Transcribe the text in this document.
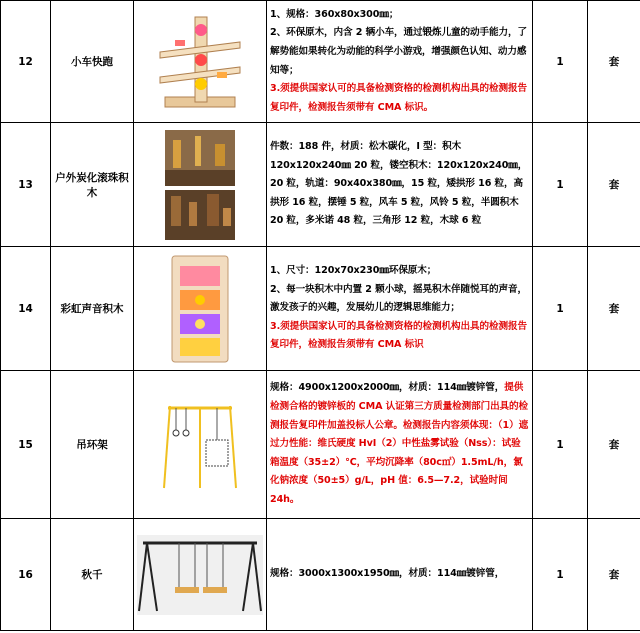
12	小车快跑		1、规格：360x80x300㎜；
2、环保原木，内含 2 辆小车，通过锻炼儿童的动手能力，了解势能如果转化为动能的科学小游戏，增强颜色认知、动力感知等；
3.须提供国家认可的具备检测资格的检测机构出具的检测报告复印件，检测报告须带有 CMA 标识。	1	套
13	户外炭化滚珠积木		件数：188 件，材质：松木碳化，I 型：积木 120x120x240㎜ 20 粒，镂空积木：120x120x240㎜，20 粒，轨道：90x40x380㎜，15 粒，矮拱形 16 粒，高拱形 16 粒，摆锤 5 粒，风车 5 粒，风铃 5 粒，半圆积木 20 粒，多米诺 48 粒，三角形 12 粒，木球 6 粒	1	套
14	彩虹声音积木		1、尺寸：120x70x230㎜环保原木；
2、每一块积木中内置 2 颗小球，摇晃积木伴随悦耳的声音，激发孩子的兴趣，发展幼儿的逻辑思维能力；
3.须提供国家认可的具备检测资格的检测机构出具的检测报告复印件，检测报告须带有 CMA 标识	1	套
15	吊环架		规格：4900x1200x2000㎜，材质：114㎜镀锌管，提供检测合格的镀锌板的 CMA 认证第三方质量检测部门出具的检测报告复印件加盖投标人公章。检测报告内容须体现：（1）遮过力性能：维氏硬度 HvI（2）中性盐雾试验（Nss）：试验箱温度（35±2）℃，平均沉降率（80c㎡）1.5mL/h，氯化钠浓度（50±5）g/L，pH 值：6.5—7.2，试验时间 24h。	1	套
16	秋千		规格：3000x1300x1950㎜，材质：114㎜镀锌管，	1	套
